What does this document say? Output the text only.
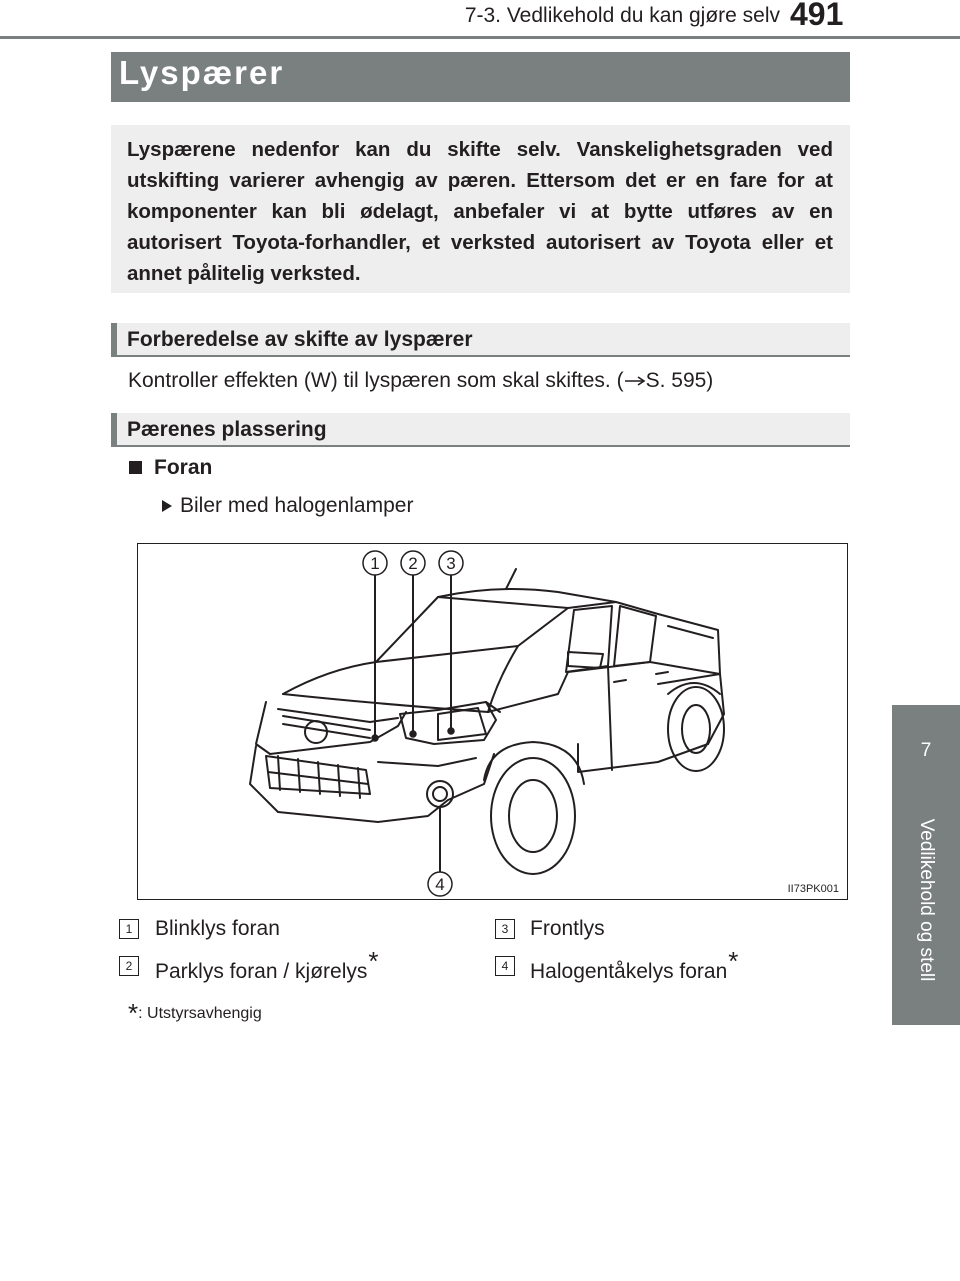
7-3. Vedlikehold du kan gjøre selv 491
7
Vedlikehold og stell
Lyspærer

Lyspærene nedenfor kan du skifte selv. Vanskelighetsgraden ved utskifting varierer avhengig av pæren. Ettersom det er en fare for at komponenter kan bli ødelagt, anbefaler vi at bytte utføres av en autorisert Toyota-forhandler, et verksted autorisert av Toyota eller et annet pålitelig verksted.

Forberedelse av skifte av lyspærer
Kontroller effekten (W) til lyspæren som skal skiftes. ( S. 595)
Pærenes plassering
Foran
Biler med halogenlamper
1 2 3
4	II73PK001
1	Blinklys foran
2	Parklys foran / kjørelys*
3	Frontlys
4	Halogentåkelys foran*
*: Utstyrsavhengig
